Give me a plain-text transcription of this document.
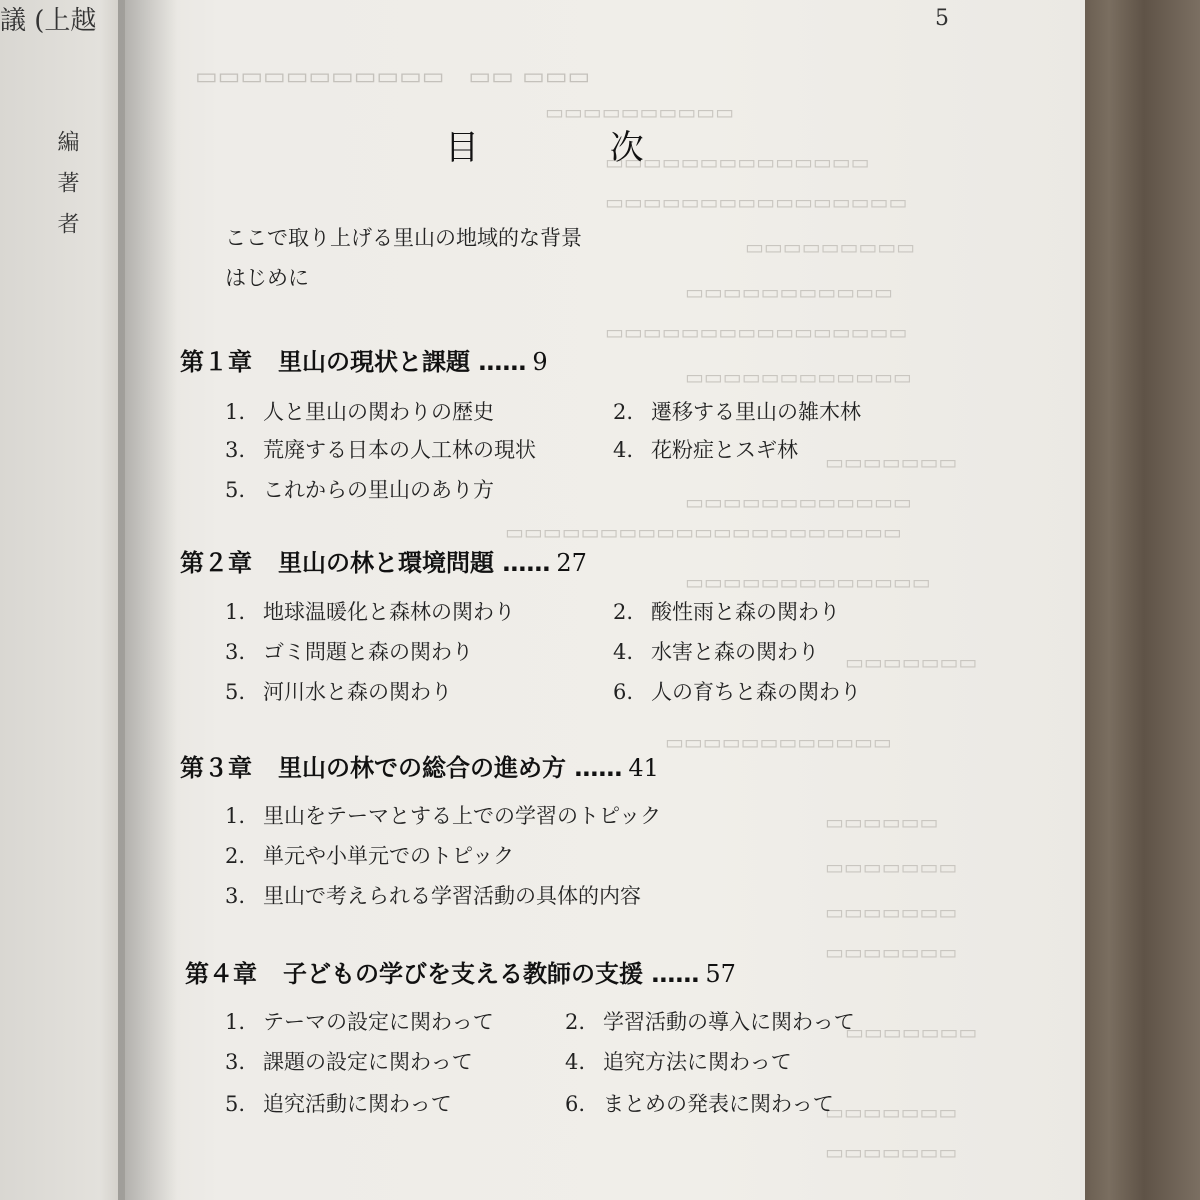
議 (上越
編 著 者
▭▭▭▭▭▭▭▭▭▭▭　▭▭ ▭▭▭
▭▭▭▭▭▭▭▭▭▭
▭▭▭▭▭▭▭▭▭▭▭▭▭▭
▭▭▭▭▭▭▭▭▭▭▭▭▭▭▭▭
▭▭▭▭▭▭▭▭▭
▭▭▭▭▭▭▭▭▭▭▭
▭▭▭▭▭▭▭▭▭▭▭▭▭▭▭▭
▭▭▭▭▭▭▭▭▭▭▭▭
▭▭▭▭▭▭▭
▭▭▭▭▭▭▭▭▭▭▭▭
▭▭▭▭▭▭▭▭▭▭▭▭▭▭▭▭▭▭▭▭▭
▭▭▭▭▭▭▭▭▭▭▭▭▭
▭▭▭▭▭▭▭
▭▭▭▭▭▭▭▭▭▭▭▭
▭▭▭▭▭▭
▭▭▭▭▭▭▭
▭▭▭▭▭▭▭
▭▭▭▭▭▭▭
▭▭▭▭▭▭▭
▭▭▭▭▭▭▭
▭▭▭▭▭▭▭
5
目 次
ここで取り上げる里山の地域的な背景
はじめに
第１章 里山の現状と課題 …… 9
1. 人と里山の関わりの歴史	2. 遷移する里山の雑木林
3. 荒廃する日本の人工林の現状	4. 花粉症とスギ林
5. これからの里山のあり方
第２章 里山の林と環境問題 …… 27
1. 地球温暖化と森林の関わり	2. 酸性雨と森の関わり
3. ゴミ問題と森の関わり	4. 水害と森の関わり
5. 河川水と森の関わり	6. 人の育ちと森の関わり
第３章 里山の林での総合の進め方 …… 41
1. 里山をテーマとする上での学習のトピック
2. 単元や小単元でのトピック
3. 里山で考えられる学習活動の具体的内容
第４章 子どもの学びを支える教師の支援 …… 57
1. テーマの設定に関わって	2. 学習活動の導入に関わって
3. 課題の設定に関わって	4. 追究方法に関わって
5. 追究活動に関わって	6. まとめの発表に関わって
